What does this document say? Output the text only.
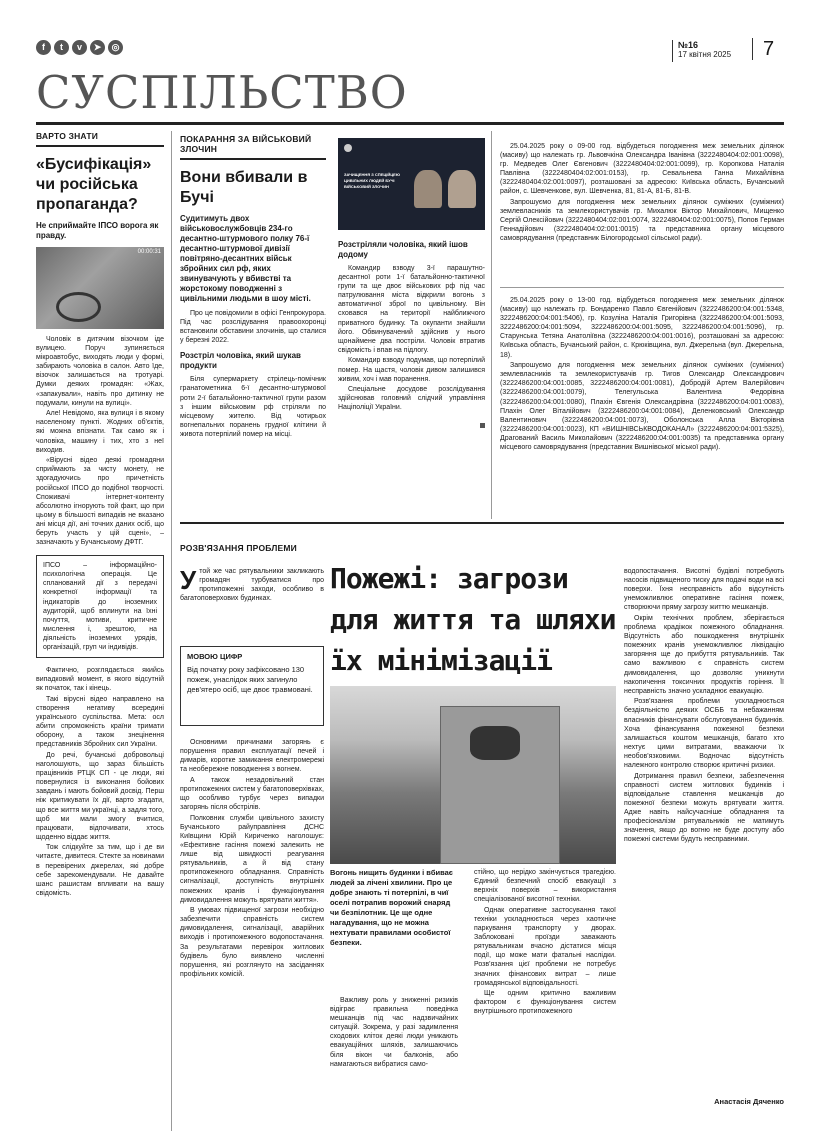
f	t	v	➤	◎
СУСПІЛЬСТВО
№16
17 квітня 2025	7
ВАРТО ЗНАТИ
«Бусифікація» чи російська пропаганда?
Не сприймайте ІПСО ворога як правду.
00:00:31
Чоловік в дитячим візочком іде вулицею. Поруч зупиняється мікроавтобус, виходять люди у формі, забирають чоловіка в салон. Авто їде, візочок залишається на тротуарі. Думки деяких громадян: «Жах, «запакували», навіть про дитинку не подумали, кинули на вулиці».
Але! Невідомо, яка вулиця і в якому населеному пункті. Жодних об'єктів, які можна впізнати. Так само як і чоловіка, машину і тих, хто з неї виходив.
«Вірусні відео деякі громадяни сприймають за чисту монету, не здогадуючись про причетність російської ІПСО до подібної творчості. Споживачі інтернет-контенту абсолютно ігнорують той факт, що при цьому в більшості випадків не вказано ані місця дії, ані точних даних осіб, що беруть участь у цій сцені», – зазначають у Бучанському ДФТГ.
ІПСО – інформаційно-психологічна операція. Це спланований дії з передачі конкретної інформації та індикаторів до іноземних аудиторій, щоб вплинути на їхні почуття, мотиви, критичне мислення і, зрештою, на діяльність іноземних урядів, організацій, груп чи індивідів.
Фактично, розглядається якийсь випадковий момент, в якого відсутній як початок, так і кінець.
Такі вірусні відео направлено на створення негативу всередині українського суспільства. Мета: осл​абити спроможність країни тримати оборону, а також знецінення представників Збройних сил України.
До речі, бучанські добровольці наголошують, що зараз більшість працівників РТЦК СП - це люди, які повернулися із виконання бойових завдань і мають бойовий досвід. Перш ніж критикувати їх дії, варто згадати, що все життя ми українці, а задля того, щоб ми мали змогу вчитися, працювати, відпочивати, хтось щоденно віддає життя.
Тож слідкуйте за тим, що і де ви читаєте, дивитеся. Стекте за новинами в перевірених джерелах, які добре себе зарекомендували. Не давайте шанс рашистам впливати на вашу свідомість.
ПОКАРАННЯ ЗА ВІЙСЬКОВИЙ ЗЛОЧИН
Вони вбивали в Бучі
Судитимуть двох військовослужбовців 234-го десантно-штурмового полку 76-ї десантно-штурмової дивізії повітряно-десантних військ збройних сил рф, яких звинувачують у вбивстві та жорстокому поводженні з цивільними людьми в шоу місті.
Про це повідомили в офісі Генпрокурора. Під час розслідування правоохоронці встановили обставини злочинів, що сталися у березні 2022.
Розстріл чоловіка, який шукав продукти
Біля супермаркету стрілець-помічник гранатометника 6-ї десантно-штурмової роти 2-ї батальйонно-тактичної групи разом з іншим військовим рф стріляли по місцевому жителю. Від чотирьох вогнепальних поранень грудної клітини й живота потерпілий помер на місці.
ЗАЧИЩЕННЯ З СПЕЦІЙЦЕЮ ЦИВІЛЬНИХ ЛЮДЕЙ БУЧІ ВІЙСЬКОВИЙ ЗЛОЧИН
Розстріляли чоловіка, який ішов додому
Командир взводу 3-ї парашутно-десантної роти 1-ї батальйонно-тактичної групи та ще двоє військових рф під час патрулювання міста відкрили вогонь з автоматичної зброї по цивільному. Він сховався на території найближчого приватного будинку. Та окупанти знайшли його. Обвинувачений здійснив у нього щонаймене два постріли. Чоловік втратив свідомість і впав на підлогу.
Командир взводу подумав, що потерпілий помер. На щастя, чоловік дивом залишився живим, хоч і мав поранення.
Спеціальне досудове розслідування здійснював головний слідчий управління Націполіції України.
25.04.2025 року о 09-00 год. відбудеться погодження меж земельних ділянок (масиву) що належать гр. Львовчкіна Олександра Іванівна (3222480404:02:001:0098), гр. Медведев Олег Євгенович (3222480404:02:001:0099), гр. Коропкова Наталія Павлівна (3222480404:02:001:0153), гр. Севальнева Ганна Михайлівна (3222480404:02:001:0097), розташовані за адресою: Київська область, Бучанський район, с. Шевченкове, вул. Шевченка, 81, 81-А, 81-Б, 81-В.
Запрошуємо для погодження меж земельних ділянок суміжних (суміжних) землевласників та землекористувачів гр. Михалюк Віктор Михайлович, Мищенко Сергій Олексійович (3222480404:02:001:0074, 3222480404:02:001:0075), Попов Герман Геннадійович (3222480404:02:001:0015) та представника органу місцевого самоврядування (представник Білогородської сільської ради).
25.04.2025 року о 13-00 год. відбудеться погодження меж земельних ділянок (масиву) що належать гр. Бондаренко Павло Євгенійович (3222486200:04:001:5348, 3222486200:04:001:5406), гр. Козуліна Наталія Григорівна (3222486200:04:001:5093, 3222486200:04:001:5094, 3222486200:04:001:5095, 3222486200:04:001:5096), гр. Старунська Тетяна Анатоліївна (3222486200:04:001:0016), розташовані за адресою: Київська область, Бучанський район, с. Крюківщина, вул. Джерельна (вул. Джерельна, 18).
Запрошуємо для погодження меж земельних ділянок суміжних (суміжних) землевласників та землекористувачів гр. Тигов Олександр Олександрович (3222486200:04:001:0085, 3222486200:04:001:0081), Добродій Артем Валерійович (3222486200:04:001:0079), Телегульська Валентина Федорівна (3222486200:04:001:0080), Плахін Євгенія Олександрівна (3222486200:04:001:0083), Плахін Олег Віталійович (3222486200:04:001:0084), Деленковський Олександр Валентинович (3222486200:04:001:0073), Оболонська Алла Вікторівна (3222486200:04:001:0023), КП «ВИШНІВСЬКВОДОКАНАЛ» (3222486200:04:001:5325), Драгований Василь Миколайович (3222486200:04:001:0035) та представника органу місцевого самоврядування (представник Вишнівської міської ради).
РОЗВ'ЯЗАННЯ ПРОБЛЕМИ
У той же час рятувальники закликають громадян турбуватися про протипожежні заходи, особливо в багатоповерхових будинках.
МОВОЮ ЦИФР
Від початку року зафіксовано 130 пожеж, унаслідок яких загинуло дев'ятеро осіб, ще двоє травмовані.
Основними причинами загорянь є порушення правил експлуатації печей і димарів, коротке замикання електромережі та необережне поводження з вогнем.
А також незадовільний стан протипожежних систем у багатоповерхівках, що особливо турбує через випадки загорянь після обстрілів.
Полковник служби цивільного захисту Бучанського райуправління ДСНС Київщини Юрій Кириченко наголошує: «Ефективне гасіння пожежі залежить не лише від швидкості реагування рятувальників, а й від стану протипожежного обладнання. Справність сигналізації, доступність внутрішніх пожежних кранів і функціонування димовидалення можуть врятувати життя».
В умовах підвищеної загрози необхідно забезпечити справність систем димовидалення, сигналізації, аварійних виходів і протипожежного водопостачання. За результатами перевірок житлових будівель було виявлено численні порушення, які розглянуто на засіданнях профільних комісій.
Пожежі: загрози для життя та шляхи їх мінімізації
Вогонь нищить будинки і вбиває людей за лічені хвилини. Про це добре знають ті потерпілі, в чиї оселі потрапив ворожий снаряд чи безпілотник. Це ще одне нагадування, що не можна нехтувати правилами особистої безпеки.
Важливу роль у зниженні ризиків відіграє правильна поведінка мешканців під час надзвичайних ситуацій. Зокрема, у разі задимлення сходових кліток деякі люди уникають евакуаційних шляхів, залишаючись біля вікон чи балконів, або намагаються вибратися само-
стійно, що нерідко закінчується трагедією. Єдиний безпечний спосіб евакуації з верхніх поверхів – використання спеціалізованої висотної техніки.
Однак оперативне застосування такої техніки ускладнюється через хаотичне паркування транспорту у дворах. Заблоковані проїзди заважають рятувальникам вчасно дістатися місця події, що може мати фатальні наслідки. Розв'язання цієї проблеми не потребує значних фінансових витрат – лише громадянської відповідальності.
Ще одним критично важливим фактором є функціонування систем внутрішнього протипожежного
водопостачання. Висотні будівлі потребують насосів підвищеного тиску для подачі води на всі поверхи. Їхня несправність або відсутність унеможливлює оперативне гасіння пожеж, створюючи пряму загрозу життю мешканців.
Окрім технічних проблем, зберігається проблема крадіжок пожежного обладнання. Відсутність або пошкодження внутрішніх пожежних кранів унеможливлює ліквідацію загоряння ще до прибуття рятувальників. Так само важливою є справність систем димовидалення, що дозволяє уникнути накопичення токсичних продуктів горіння. Її несправність значно ускладнює евакуацію.
Розв'язання проблеми ускладнюється бездіяльністю деяких ОСББ та небажанням власників фінансувати обслуговування будинків. Хоча фінансування пожежної безпеки залишається коштом мешканців, багато хто нехтує цими витратами, вважаючи їх необов'язковими. Водночас відсутність належного контролю створює критичні ризики.
Дотримання правил безпеки, забезпечення справності систем житлових будинків і відповідальне ставлення мешканців до пожежної безпеки можуть врятувати життя. Адже навіть найсучасніше обладнання та професіоналізм рятувальників не матимуть значення, якщо до вогню не буде доступу або пожежні системи будуть несправними.
Анастасія Дяченко
